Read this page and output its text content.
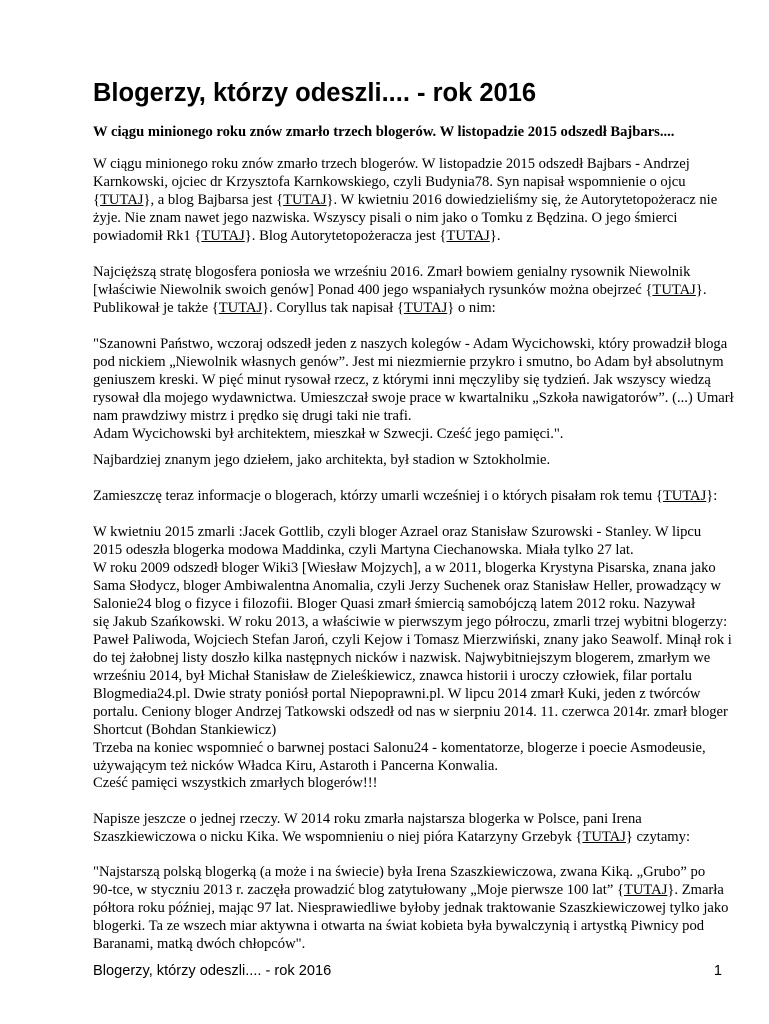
Blogerzy, którzy odeszli.... - rok 2016
W ciągu minionego roku znów zmarło trzech blogerów. W listopadzie 2015 odszedł Bajbars....
W ciągu minionego roku znów zmarło trzech blogerów. W listopadzie 2015 odszedł Bajbars - Andrzej
Karnkowski, ojciec dr Krzysztofa Karnkowskiego, czyli Budynia78. Syn napisał wspomnienie o ojcu
{TUTAJ}, a blog Bajbarsa jest {TUTAJ}. W kwietniu 2016 dowiedzieliśmy się, że Autorytetopożeracz nie
żyje. Nie znam nawet jego nazwiska. Wszyscy pisali o nim jako o Tomku z Będzina. O jego śmierci
powiadomił Rk1 {TUTAJ}. Blog Autorytetopożeracza jest {TUTAJ}.
Najcięższą stratę blogosfera poniosła we wrześniu 2016. Zmarł bowiem genialny rysownik Niewolnik
[właściwie Niewolnik swoich genów] Ponad 400 jego wspaniałych rysunków można obejrzeć {TUTAJ}.
Publikował je także {TUTAJ}. Coryllus tak napisał {TUTAJ} o nim:
"Szanowni Państwo, wczoraj odszedł jeden z naszych kolegów - Adam Wycichowski, który prowadził bloga
pod nickiem „Niewolnik własnych genów”. Jest mi niezmiernie przykro i smutno, bo Adam był absolutnym
geniuszem kreski. W pięć minut rysował rzecz, z którymi inni męczyliby się tydzień. Jak wszyscy wiedzą
rysował dla mojego wydawnictwa. Umieszczał swoje prace w kwartalniku „Szkoła nawigatorów”. (...) Umarł
nam prawdziwy mistrz i prędko się drugi taki nie trafi.
Adam Wycichowski był architektem, mieszkał w Szwecji. Cześć jego pamięci.".
Najbardziej znanym jego dziełem, jako architekta, był stadion w Sztokholmie.
Zamieszczę teraz informacje o blogerach, którzy umarli wcześniej i o których pisałam rok temu {TUTAJ}:
W kwietniu 2015 zmarli :Jacek Gottlib, czyli bloger Azrael oraz Stanisław Szurowski - Stanley. W lipcu
2015 odeszła blogerka modowa Maddinka, czyli Martyna Ciechanowska. Miała tylko 27 lat.
W roku 2009 odszedł bloger Wiki3 [Wiesław Mojzych], a w 2011, blogerka Krystyna Pisarska, znana jako
Sama Słodycz, bloger Ambiwalentna Anomalia, czyli Jerzy Suchenek oraz Stanisław Heller, prowadzący w
Salonie24 blog o fizyce i filozofii. Bloger Quasi zmarł śmiercią samobójczą latem 2012 roku. Nazywał
się Jakub Szańkowski. W roku 2013, a właściwie w pierwszym jego półroczu, zmarli trzej wybitni blogerzy:
Paweł Paliwoda, Wojciech Stefan Jaroń, czyli Kejow i Tomasz Mierzwiński, znany jako Seawolf. Minął rok i
do tej żałobnej listy doszło kilka następnych nicków i nazwisk. Najwybitniejszym blogerem, zmarłym we
wrześniu 2014, był Michał Stanisław de Zieleśkiewicz, znawca historii i uroczy człowiek, filar portalu
Blogmedia24.pl. Dwie straty poniósł portal Niepoprawni.pl. W lipcu 2014 zmarł Kuki, jeden z twórców
portalu. Ceniony bloger Andrzej Tatkowski odszedł od nas w sierpniu 2014. 11. czerwca 2014r. zmarł bloger
Shortcut (Bohdan Stankiewicz)
Trzeba na koniec wspomnieć o barwnej postaci Salonu24 - komentatorze, blogerze i poecie Asmodeusie,
używającym też nicków Władca Kiru, Astaroth i Pancerna Konwalia.
Cześć pamięci wszystkich zmarłych blogerów!!!
Napisze jeszcze o jednej rzeczy. W 2014 roku zmarła najstarsza blogerka w Polsce, pani Irena
Szaszkiewiczowa o nicku Kika. We wspomnieniu o niej pióra Katarzyny Grzebyk {TUTAJ} czytamy:
"Najstarszą polską blogerką (a może i na świecie) była Irena Szaszkiewiczowa, zwana Kiką. „Grubo” po
90-tce, w styczniu 2013 r. zaczęła prowadzić blog zatytułowany „Moje pierwsze 100 lat” {TUTAJ}. Zmarła
półtora roku później, mając 97 lat. Niesprawiedliwe byłoby jednak traktowanie Szaszkiewiczowej tylko jako
blogerki. Ta ze wszech miar aktywna i otwarta na świat kobieta była bywalczynią i artystką Piwnicy pod
Baranami, matką dwóch chłopców".
Blogerzy, którzy odeszli.... - rok 2016	1
